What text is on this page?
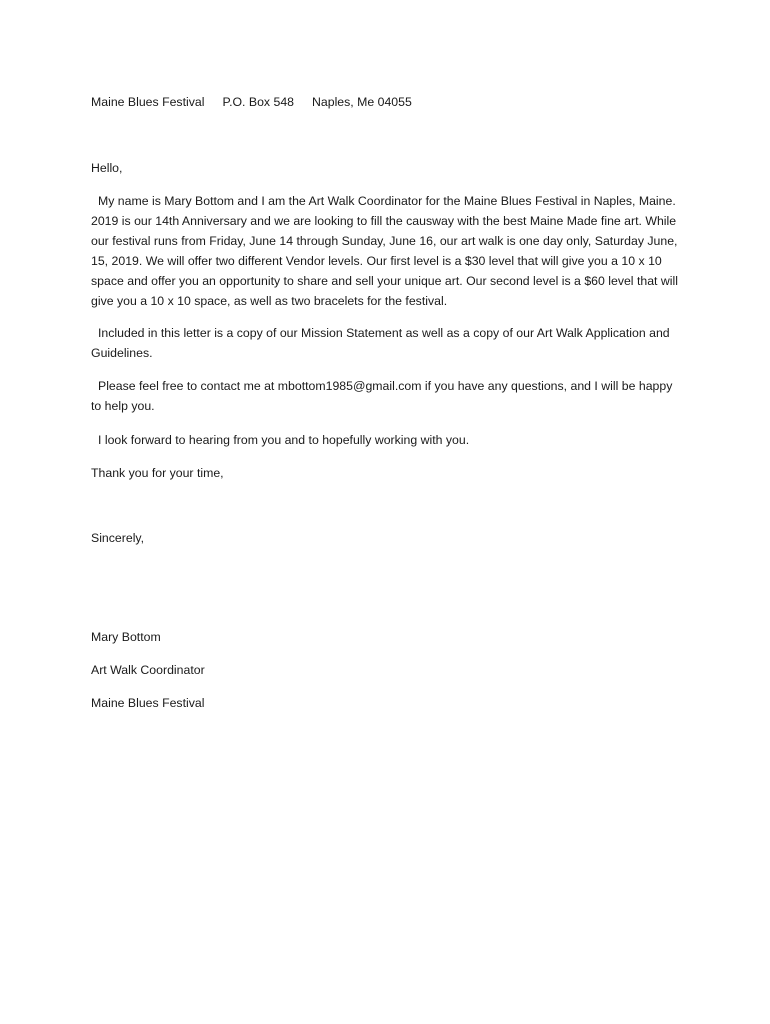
Maine Blues Festival P.O. Box 548 Naples, Me 04055
Hello,

My name is Mary Bottom and I am the Art Walk Coordinator for the Maine Blues Festival in Naples, Maine. 2019 is our 14th Anniversary and we are looking to fill the causway with the best Maine Made fine art. While our festival runs from Friday, June 14 through Sunday, June 16, our art walk is one day only, Saturday June, 15, 2019. We will offer two different Vendor levels. Our first level is a $30 level that will give you a 10 x 10 space and offer you an opportunity to share and sell your unique art. Our second level is a $60 level that will give you a 10 x 10 space, as well as two bracelets for the festival.

Included in this letter is a copy of our Mission Statement as well as a copy of our Art Walk Application and Guidelines.

Please feel free to contact me at mbottom1985@gmail.com if you have any questions, and I will be happy to help you.

I look forward to hearing from you and to hopefully working with you.

Thank you for your time,
Sincerely,
Mary Bottom
Art Walk Coordinator
Maine Blues Festival
